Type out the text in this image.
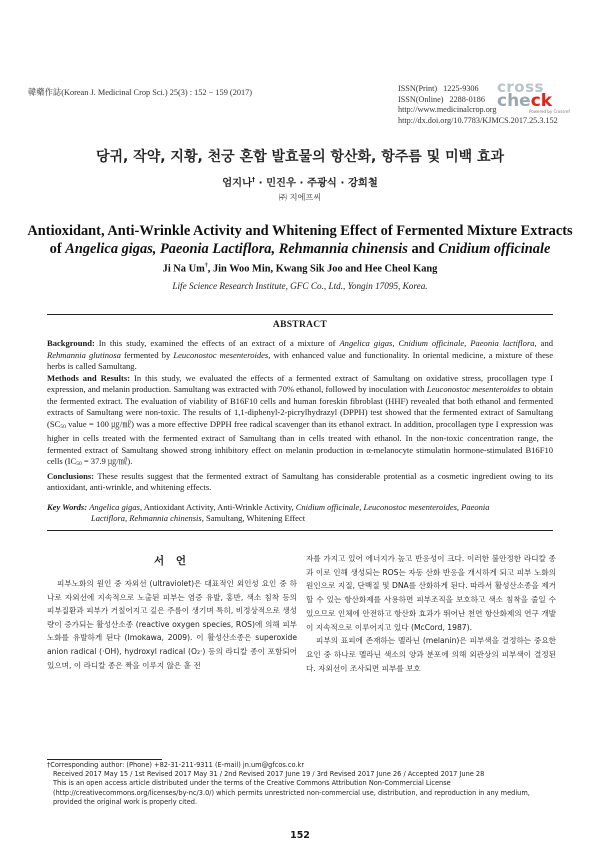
韓藥作誌(Korean J. Medicinal Crop Sci.) 25(3) : 152 − 159 (2017)	ISSN(Print) 1225-9306
ISSN(Online) 2288-0186
http://www.medicinalcrop.org
http://dx.doi.org/10.7783/KJMCS.2017.25.3.152
cross
check
Powered by Crossref
당귀, 작약, 지황, 천궁 혼합 발효물의 항산화, 항주름 및 미백 효과
엄지나† · 민진우 · 주광식 · 강희철
㈜ 지에프씨
Antioxidant, Anti-Wrinkle Activity and Whitening Effect of Fermented Mixture Extracts
of Angelica gigas, Paeonia Lactiflora, Rehmannia chinensis and Cnidium officinale
Ji Na Um†, Jin Woo Min, Kwang Sik Joo and Hee Cheol Kang
Life Science Research Institute, GFC Co., Ltd., Yongin 17095, Korea.
ABSTRACT

Background: In this study, examined the effects of an extract of a mixture of Angelica gigas, Cnidium officinale, Paeonia lactiflora, and Rehmannia glutinosa fermented by Leuconostoc mesenteroides, with enhanced value and functionality. In oriental medicine, a mixture of these herbs is called Samultang.

Methods and Results: In this study, we evaluated the effects of a fermented extract of Samultang on oxidative stress, procollagen type I expression, and melanin production. Samultang was extracted with 70% ethanol, followed by inoculation with Leuconostoc mesenteroides to obtain the fermented extract. The evaluation of viability of B16F10 cells and human foreskin fibroblast (HHF) revealed that both ethanol and fermented extracts of Samultang were non-toxic. The results of 1,1-diphenyl-2-picrylhydrazyl (DPPH) test showed that the fermented extract of Samultang ($SC_{50}$ value = 100 ㎍/㎖) was a more effective DPPH free radical scavenger than its ethanol extract. In addition, procollagen type I expression was higher in cells treated with the fermented extract of Samultang than in cells treated with ethanol. In the non-toxic concentration range, the fermented extract of Samultang showed strong inhibitory effect on melanin production in α-melanocyte stimulatin hormone-stimulated B16F10 cells ($IC_{50} = 37.9$ ㎍/㎖).

Conclusions: These results suggest that the fermented extract of Samultang has considerable protential as a cosmetic ingredient owing to its antioxidant, anti-wrinkle, and whitening effects.

Key Words: Angelica gigas, Antioxidant Activity, Anti-Wrinkle Activity, Cnidium officinale, Leuconostoc mesenteroides, Paeonia
Lactiflora, Rehmannia chinensis, Samultang, Whitening Effect
서 언

피부노화의 원인 중 자외선 (ultraviolet)은 대표적인 외인성 요인 중 하나로 자외선에 지속적으로 노출된 피부는 염증 유발, 홍반, 색소 침착 등의 피부질환과 피부가 거칠어지고 깊은 주름이 생기며 특히, 비정상적으로 생성량이 증가되는 활성산소종 (reactive oxygen species, ROS)에 의해 피부 노화를 유발하게 된다 (Imokawa, 2009). 이 활성산소종은 superoxide anion radical (·OH), hydroxyl radical (O₂·) 등의 라디칼 종이 포함되어 있으며, 이 라디칼 종은 짝을 이루지 않은 홑 전

자를 가지고 있어 에너지가 높고 반응성이 크다. 이러한 불안정한 라디칼 종과 이로 인해 생성되는 ROS는 자동 산화 반응을 개시하게 되고 피부 노화의 원인으로 지질, 단백질 및 DNA를 산화하게 된다. 따라서 활성산소종을 제거할 수 있는 항산화제를 사용하면 피부조직을 보호하고 색소 침착을 줄일 수 있으므로 인체에 안전하고 항산화 효과가 뛰어난 천연 항산화제의 연구 개발이 지속적으로 이루어지고 있다 (McCord, 1987).

피부의 표피에 존재하는 멜라닌 (melanin)은 피부색을 결정하는 중요한 요인 중 하나로 멜라닌 색소의 양과 분포에 의해 외관상의 피부색이 결정된다. 자외선이 조사되면 피부를 보호

†Corresponding author: (Phone) +82-31-211-9311 (E-mail) jn.um@gfcos.co.kr

Received 2017 May 15 / 1st Revised 2017 May 31 / 2nd Revised 2017 June 19 / 3rd Revised 2017 June 26 / Accepted 2017 June 28

This is an open access article distributed under the terms of the Creative Commons Attribution Non-Commercial License (http://creativecommons.org/licenses/by-nc/3.0/) which permits unrestricted non-commercial use, distribution, and reproduction in any medium, provided the original work is properly cited.

152
